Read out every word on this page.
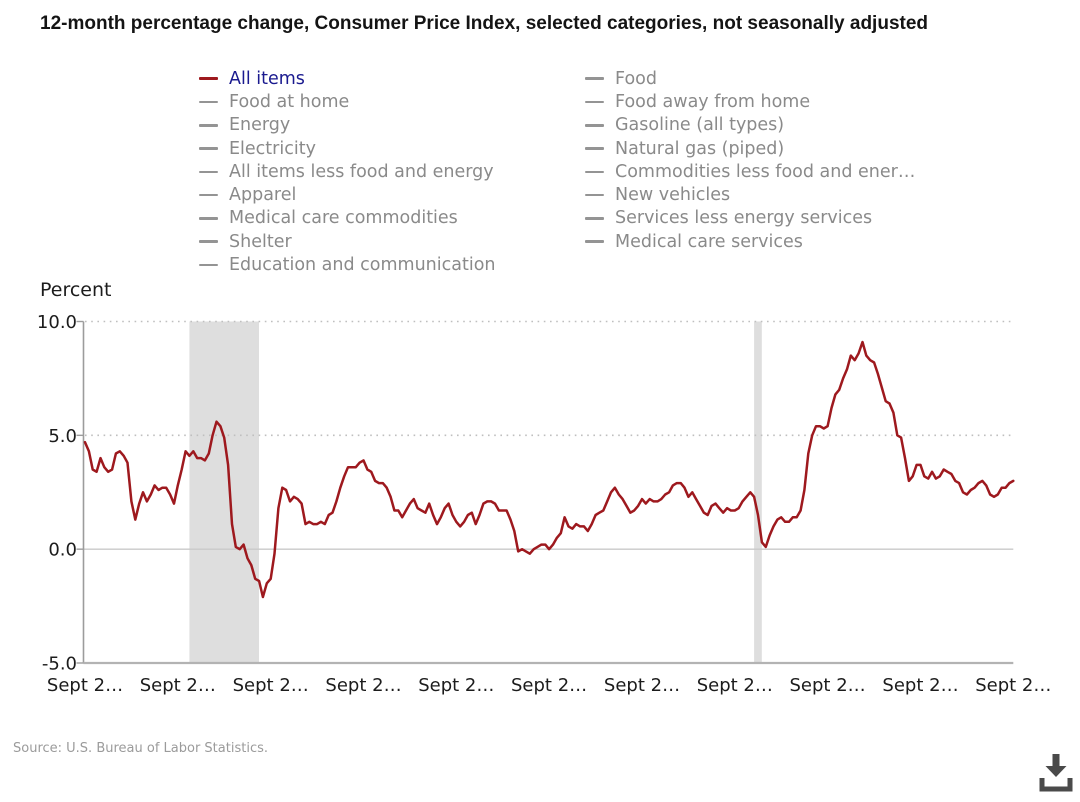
12-month percentage change, Consumer Price Index, selected categories, not seasonally adjusted
All items
Food at home
Energy
Electricity
All items less food and energy
Apparel
Medical care commodities
Shelter
Education and communication
Food
Food away from home
Gasoline (all types)
Natural gas (piped)
Commodities less food and ener…
New vehicles
Services less energy services
Medical care services
Percent
10.0
5.0
0.0
-5.0
Sept 2… Sept 2… Sept 2… Sept 2… Sept 2… Sept 2… Sept 2… Sept 2… Sept 2… Sept 2… Sept 2…
Source: U.S. Bureau of Labor Statistics.
